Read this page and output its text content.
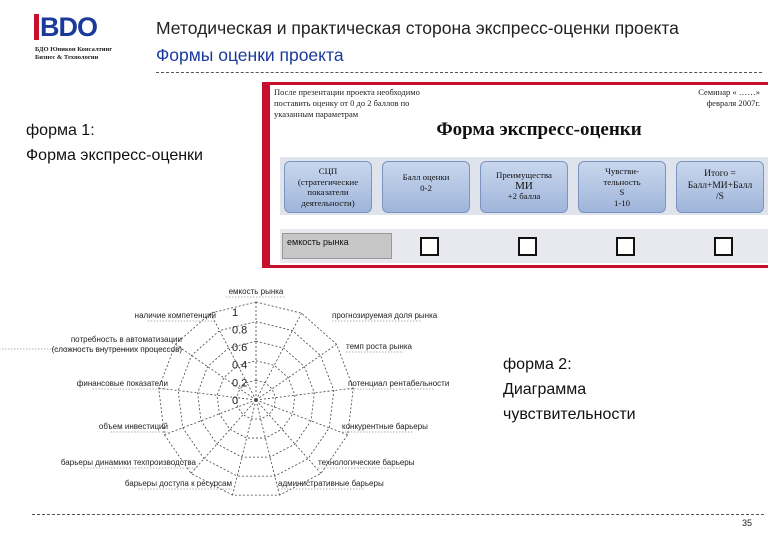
BDO
БДО Юникон Консалтинг
Бизнес & Технологии
Методическая и практическая сторона экспресс-оценки проекта
Формы оценки проекта
форма 1:
Форма экспресс-оценки
После презентации проекта необходимо
поставить оценку от 0 до 2 баллов по
указанным параметрам
Семинар « ……»
февраля 2007г.
Форма экспресс-оценки
СЦП
(стратегические
показатели
деятельности)
Балл оценки
0-2
Преимущества
МИ
+2 балла
Чувстви-
тельность
S
1-10
Итого =
Балл+МИ+Балл
/S
емкость рынка
0
0.2
0.4
0.6
0.8
1
емкость рынка
прогнозируемая доля рынка
темп роста рынка
потенциал рентабельности
конкурентные барьеры
технологические барьеры
административные барьеры
барьеры доступа к ресурсам
барьеры динамики техпроизводства
объем инвестиций
финансовые показатели
потребность в автоматизации (сложность внутренних процессов)
наличие компетенций
форма 2:
Диаграмма
чувствительности
35
